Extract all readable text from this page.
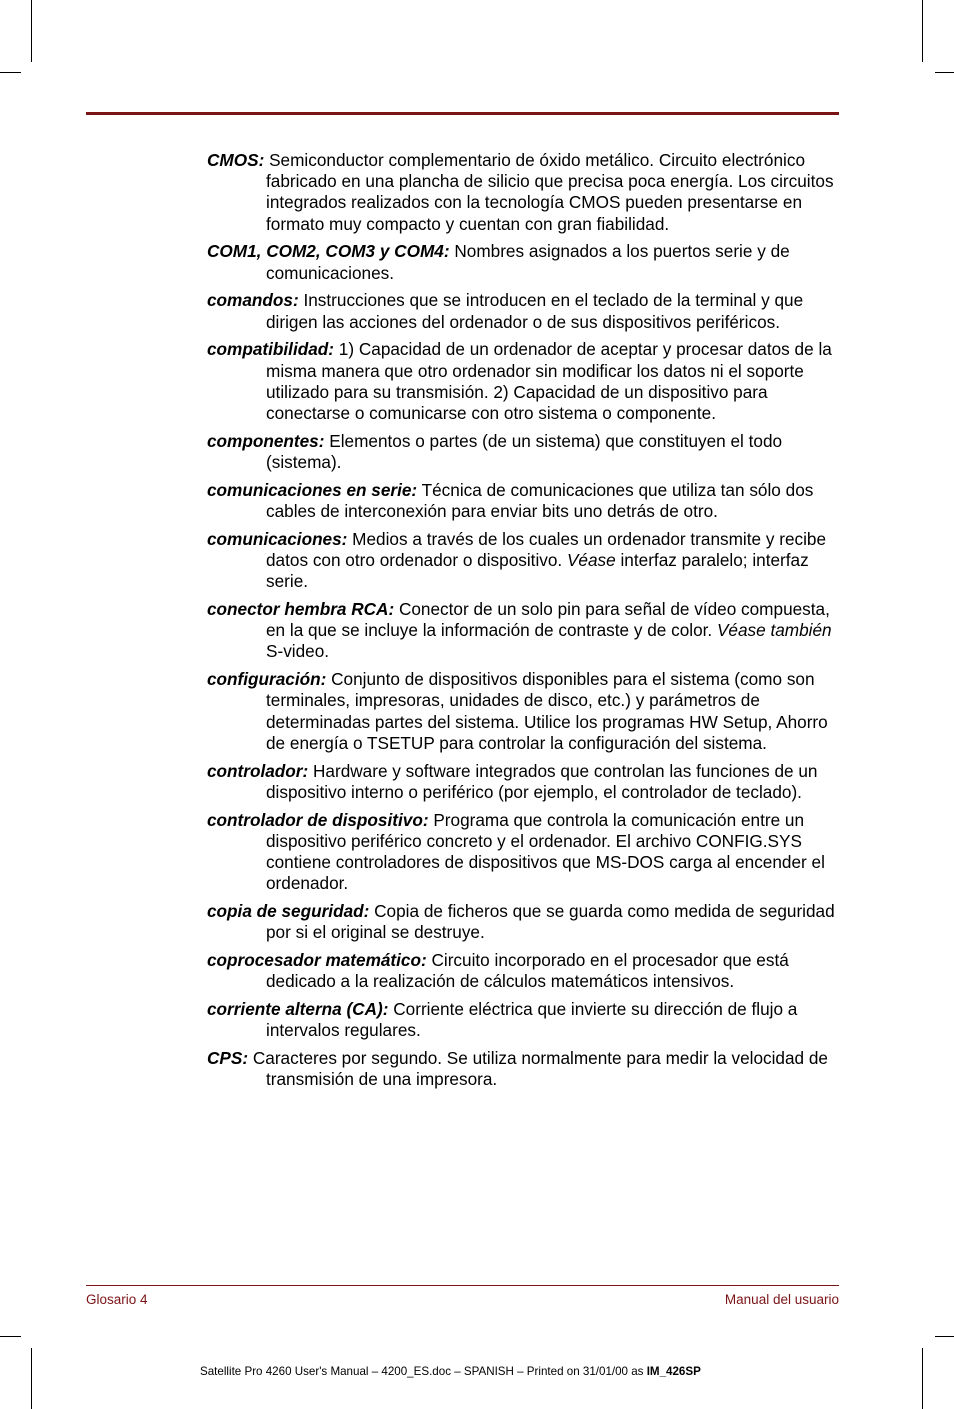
CMOS: Semiconductor complementario de óxido metálico. Circuito electrónico fabricado en una plancha de silicio que precisa poca energía. Los circuitos integrados realizados con la tecnología CMOS pueden presentarse en formato muy compacto y cuentan con gran fiabilidad.

COM1, COM2, COM3 y COM4: Nombres asignados a los puertos serie y de comunicaciones.

comandos: Instrucciones que se introducen en el teclado de la terminal y que dirigen las acciones del ordenador o de sus dispositivos periféricos.

compatibilidad: 1) Capacidad de un ordenador de aceptar y procesar datos de la misma manera que otro ordenador sin modificar los datos ni el soporte utilizado para su transmisión. 2) Capacidad de un dispositivo para conectarse o comunicarse con otro sistema o componente.

componentes: Elementos o partes (de un sistema) que constituyen el todo (sistema).

comunicaciones en serie: Técnica de comunicaciones que utiliza tan sólo dos cables de interconexión para enviar bits uno detrás de otro.

comunicaciones: Medios a través de los cuales un ordenador transmite y recibe datos con otro ordenador o dispositivo. Véase interfaz paralelo; interfaz serie.

conector hembra RCA: Conector de un solo pin para señal de vídeo compuesta, en la que se incluye la información de contraste y de color. Véase también S-video.

configuración: Conjunto de dispositivos disponibles para el sistema (como son terminales, impresoras, unidades de disco, etc.) y parámetros de determinadas partes del sistema. Utilice los programas HW Setup, Ahorro de energía o TSETUP para controlar la configuración del sistema.

controlador: Hardware y software integrados que controlan las funciones de un dispositivo interno o periférico (por ejemplo, el controlador de teclado).

controlador de dispositivo: Programa que controla la comunicación entre un dispositivo periférico concreto y el ordenador. El archivo CONFIG.SYS contiene controladores de dispositivos que MS-DOS carga al encender el ordenador.

copia de seguridad: Copia de ficheros que se guarda como medida de seguridad por si el original se destruye.

coprocesador matemático: Circuito incorporado en el procesador que está dedicado a la realización de cálculos matemáticos intensivos.

corriente alterna (CA): Corriente eléctrica que invierte su dirección de flujo a intervalos regulares.

CPS: Caracteres por segundo. Se utiliza normalmente para medir la velocidad de transmisión de una impresora.

Glosario 4	Manual del usuario
Satellite Pro 4260 User's Manual – 4200_ES.doc – SPANISH – Printed on 31/01/00 as IM_426SP
